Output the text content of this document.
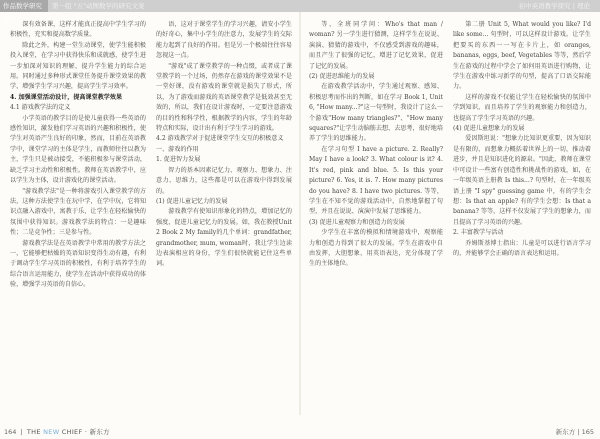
作品数学研究资料
第一组 "五"动图数学的研究文案	初中英语教学探究 | 理论

深有效备课，这样才能真正提高中学生学习的积极性，充实和提高数学质量。

除此之外，构建一堂生动课堂，使学生能积极投入课堂，在学习中获得快乐和成就感，使学生进一步加深对知识的理解，提升学生能力的综合运用。同时通过多种形式课堂任务提升课堂效果的教学，增强学生学习兴趣，提高学生学习效率。

4. 加强课堂活动设计，提高课堂教学效果

4.1 游戏教学法的定义

小学英语的教学目的是使儿童获得一些英语的感性知识，激发他们学习英语的兴趣和积极性，使学生对英语产生良好的印象，然而，目前在英语教学中，课堂学习的主体是学生，而教师往往以教为主，学生只是被动接受，不能积极参与课堂活动，缺乏学习主动性和积极性。教师在英语教学中，应以学生为主体，设计游戏化的课堂活动。

"游戏教学法"是一种将游戏引入课堂教学的方法，这种方法使学生在玩中学，在学中玩，它将知识点融入游戏中，寓教于乐，让学生在轻松愉快的氛围中获得知识。游戏教学法的特点：一是趣味性；二是竞争性；三是参与性。

游戏教学法是在英语教学中常用的教学方法之一，它能够把枯燥的英语知识变得生动有趣，有利于调动学生学习英语的积极性，有利于培养学生的综合语言运用能力，使学生在活动中获得成功的体验，增强学习英语的自信心。

语，这对于课堂学生的学习兴趣，请安小学生的好奇心，集中小学生的注意力，发展学生的交际能力起到了良好的作用。但是另一个极端往往容易忽视这一点。

"游戏"成了课堂教学的一种点缀，或者成了课堂教学的一个过场，仍然存在游戏的课堂效果不是一堂好课，没有游戏的课堂就是损失了形式，所以，为了游戏而游戏的英语课堂教学是低效甚至无效的，所以，我们在设计游戏时，一定要注意游戏的目的性和科学性，根据教学的内容，学生的年龄特点和实际，设计出有利于学生学习的游戏。

4.2 游戏教学对于促进课堂学生交互的积极意义

一、游戏的作用

1. 促进智力发展

智力的基本因素记忆力、观察力、想象力、注意力、思维力，这些都是可以在游戏中得到发展的。

(1) 促进儿童记忆力的发展

游戏教学有使知识形象化的特点，增加记忆的强度，促进儿童记忆力的发展。如，我在教授Unit 2 Book 2 My family的几个单词：grandfather, grandmother, mum, woman时，我让学生边读边表演相应的身份，学生们很快就能记住这些单词。

等，全班同学问：Who's that man / woman? 另一学生进行猜测，这样学生在说说、演演、猜猜的游戏中，不仅感受到游戏的趣味，而且产生了很强的记忆，增进了记忆效果，促进了记忆的发展。

(2) 促进思维能力的发展

在游戏教学活动中，学生通过观察、感知、积极思考而作出的判断，如在学习 Book 1, Unit 6, "How many...?"这一句型时，我设计了这么一个游戏"How many triangles?"、"How many squares?"让学生动脑筋去想、去思考，很好地培养了学生的思维能力。

在学习句型 I have a picture. 2. Really? May I have a look? 3. What colour is it? 4. It's red, pink and blue. 5. Is this your picture? 6. Yes, it is. 7. How many pictures do you have? 8. I have two pictures. 等等，学生在不知不觉的游戏活动中，自然地掌握了句型，并且在说说、演演中发展了思维能力。

(3) 促进儿童观察力和创造力的发展

少学生在丰富的模拟和情境游戏中，观察能力和创造力得到了很大的发展。学生在游戏中自由发挥，大胆想象，用英语表达，充分体现了学生的主体地位。

第二册 Unit 5, What would you like? I'd like some... 句型时，可以这样设计游戏。让学生把要买的东西一一写在卡片上，如 oranges, bananas, eggs, beef, Vegetables 等等，然后学生在游戏的过程中学会了如何用英语进行购物，让学生在游戏中练习新学的句型，提高了口语交际能力。

这样的游戏不仅能让学生在轻松愉快的氛围中学到知识，而且培养了学生的观察能力和创造力，也提高了学生学习英语的兴趣。

(4) 促进儿童想象力的发展

爱因斯坦说："想象力比知识更重要，因为知识是有限的，而想象力概括着世界上的一切，推动着进步，并且是知识进化的源泉。"因此，教师在课堂中可设计一些富有创造性和挑战性的游戏，如，在一年级英语上册教 Is this...? 句型时，在一年级英语上册 "I spy" guessing game 中，有的学生会想：Is that an apple? 有的学生会想：Is that a banana? 等等，这样不仅发展了学生的想象力，而且提高了学习英语的兴趣。

2. 丰富教学与活动

乔姆斯基博士指出：儿童是可以进行语言学习的，并能够学会正确的语言表达和运用。

164  |  THE NEW CHIEF · 新东方	新东方 | 165
